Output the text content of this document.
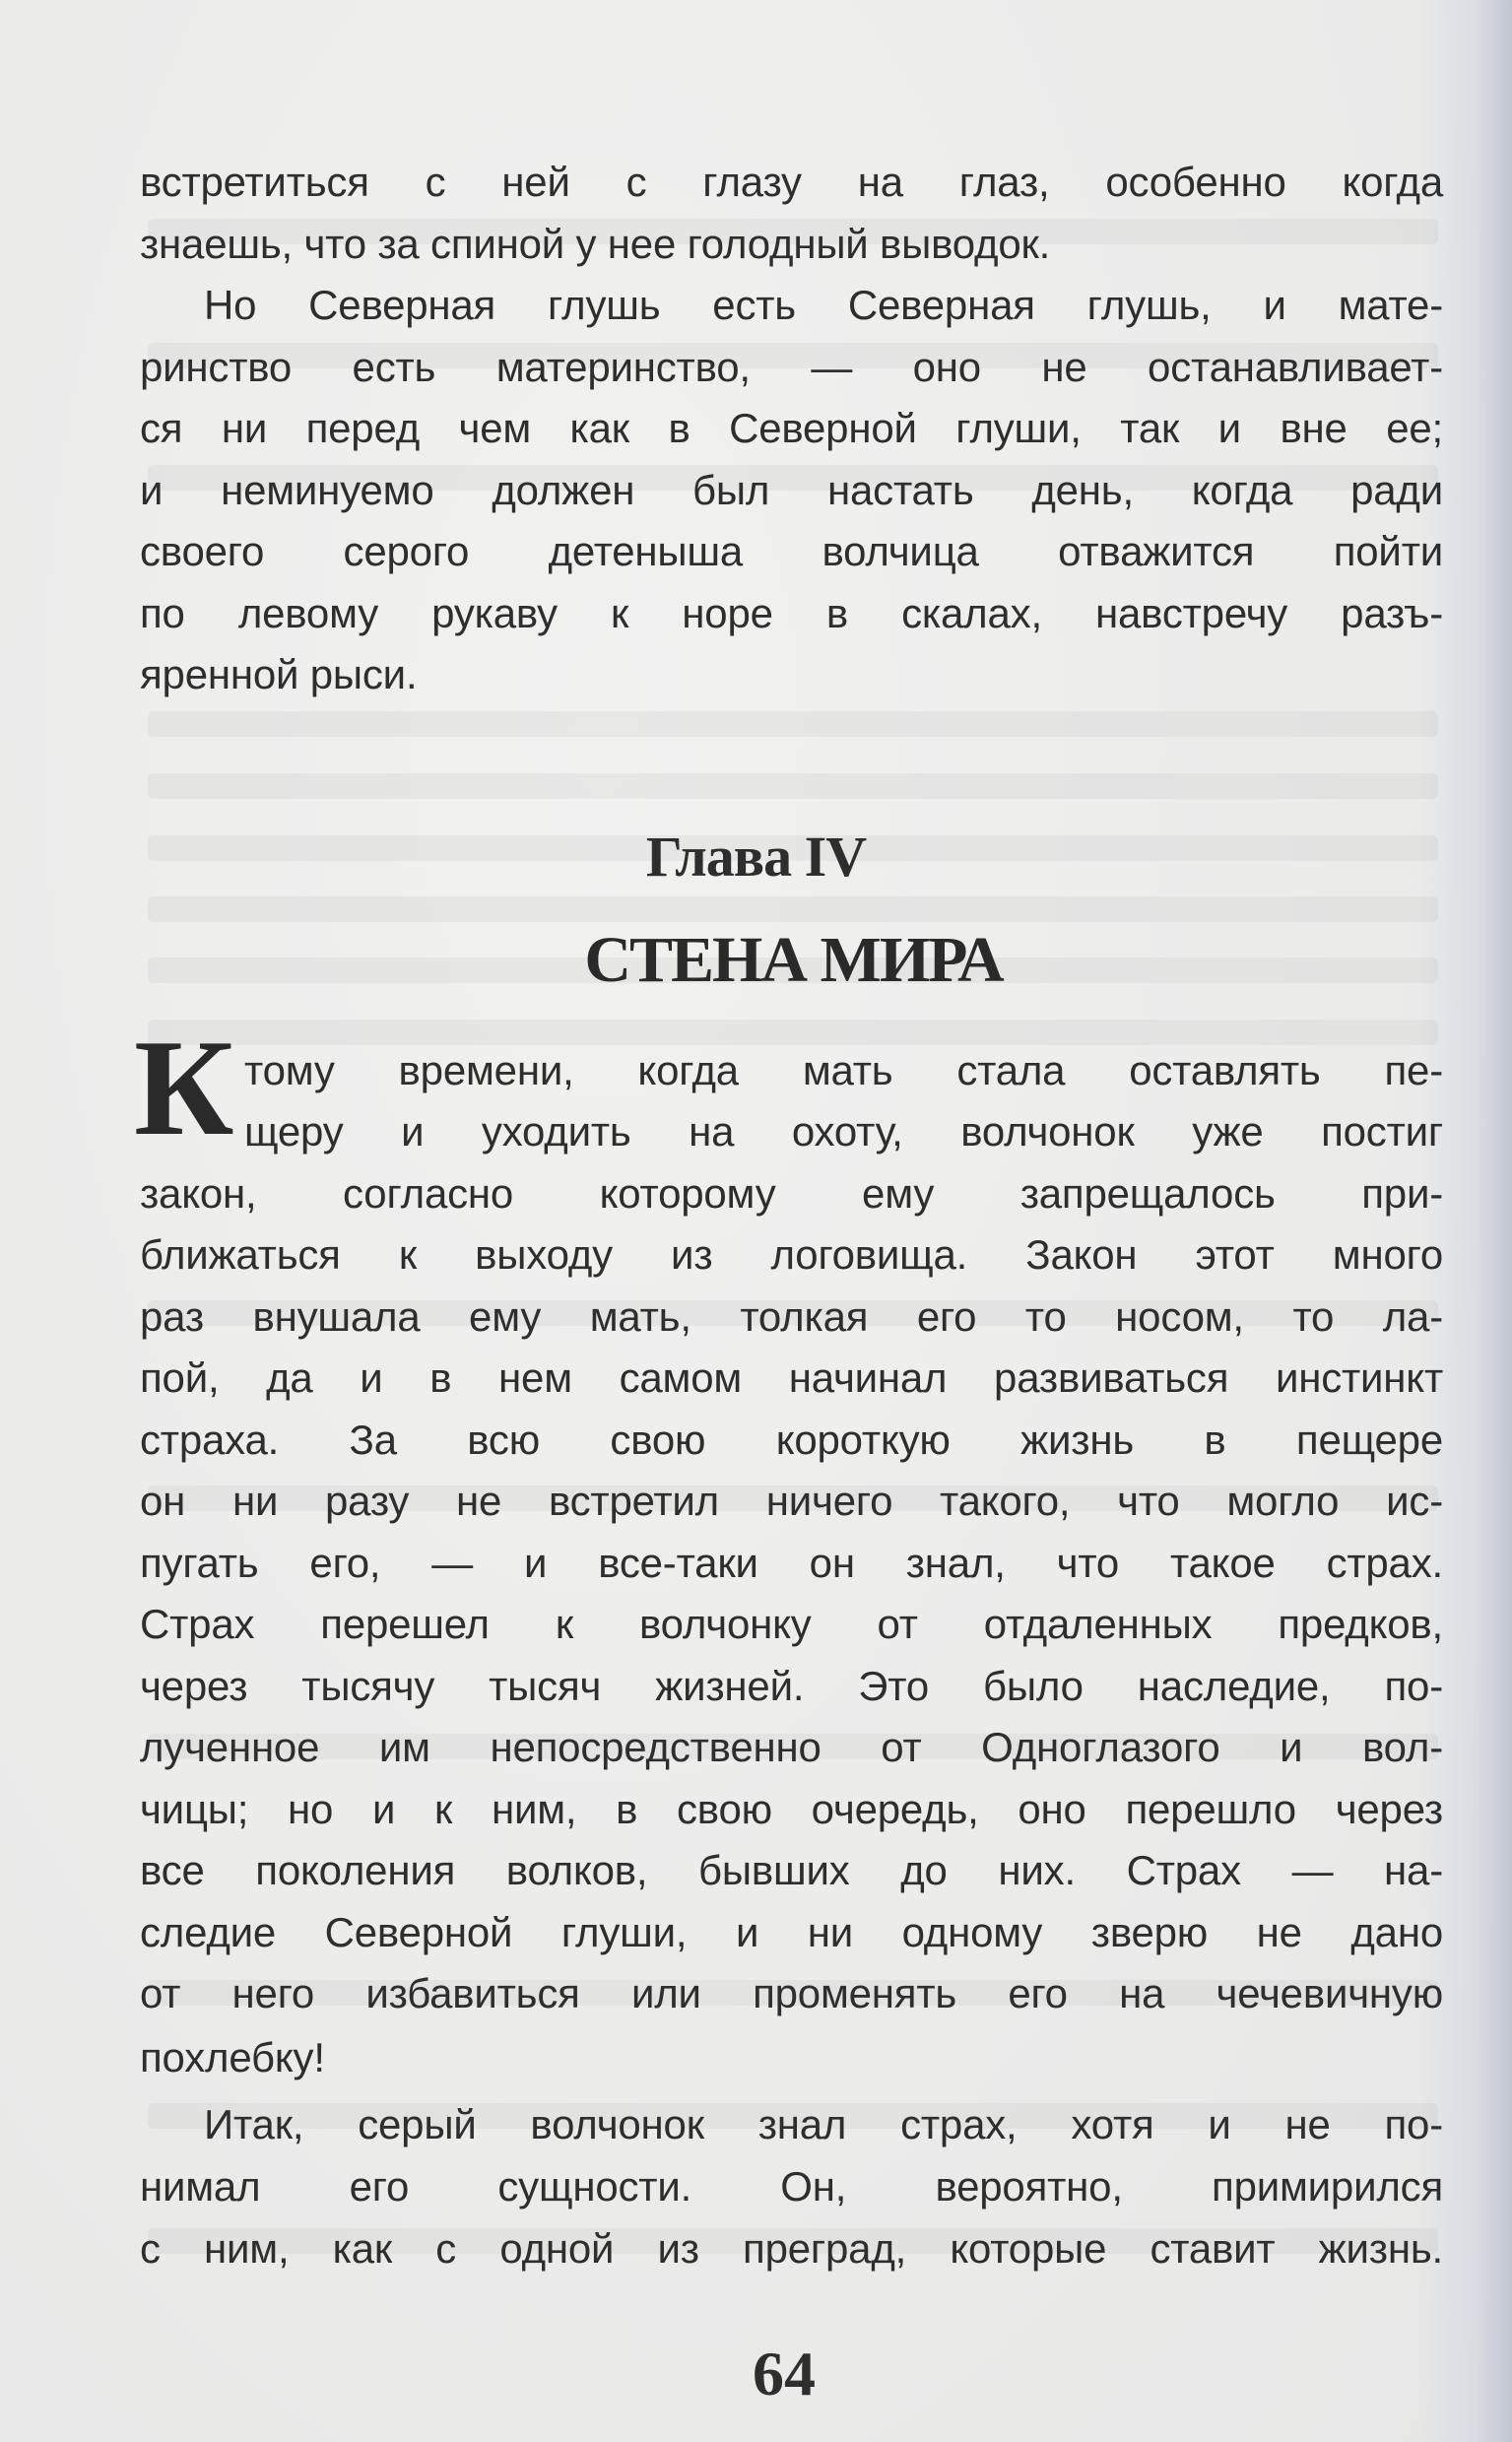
встретиться с ней с глазу на глаз, особенно когда
знаешь, что за спиной у нее голодный выводок.
Но Северная глушь есть Северная глушь, и мате-
ринство есть материнство, — оно не останавливает-
ся ни перед чем как в Северной глуши, так и вне ее;
и неминуемо должен был настать день, когда ради
своего серого детеныша волчица отважится пойти
по левому рукаву к норе в скалах, навстречу разъ-
яренной рыси.
Глава IV
СТЕНА МИРА
К тому времени, когда мать стала оставлять пе-
щеру и уходить на охоту, волчонок уже постиг
закон, согласно которому ему запрещалось при-
ближаться к выходу из логовища. Закон этот много
раз внушала ему мать, толкая его то носом, то ла-
пой, да и в нем самом начинал развиваться инстинкт
страха. За всю свою короткую жизнь в пещере
он ни разу не встретил ничего такого, что могло ис-
пугать его, — и все-таки он знал, что такое страх.
Страх перешел к волчонку от отдаленных предков,
через тысячу тысяч жизней. Это было наследие, по-
лученное им непосредственно от Одноглазого и вол-
чицы; но и к ним, в свою очередь, оно перешло через
все поколения волков, бывших до них. Страх — на-
следие Северной глуши, и ни одному зверю не дано
от него избавиться или променять его на чечевичную
похлебку!
Итак, серый волчонок знал страх, хотя и не по-
нимал его сущности. Он, вероятно, примирился
с ним, как с одной из преград, которые ставит жизнь.
64
